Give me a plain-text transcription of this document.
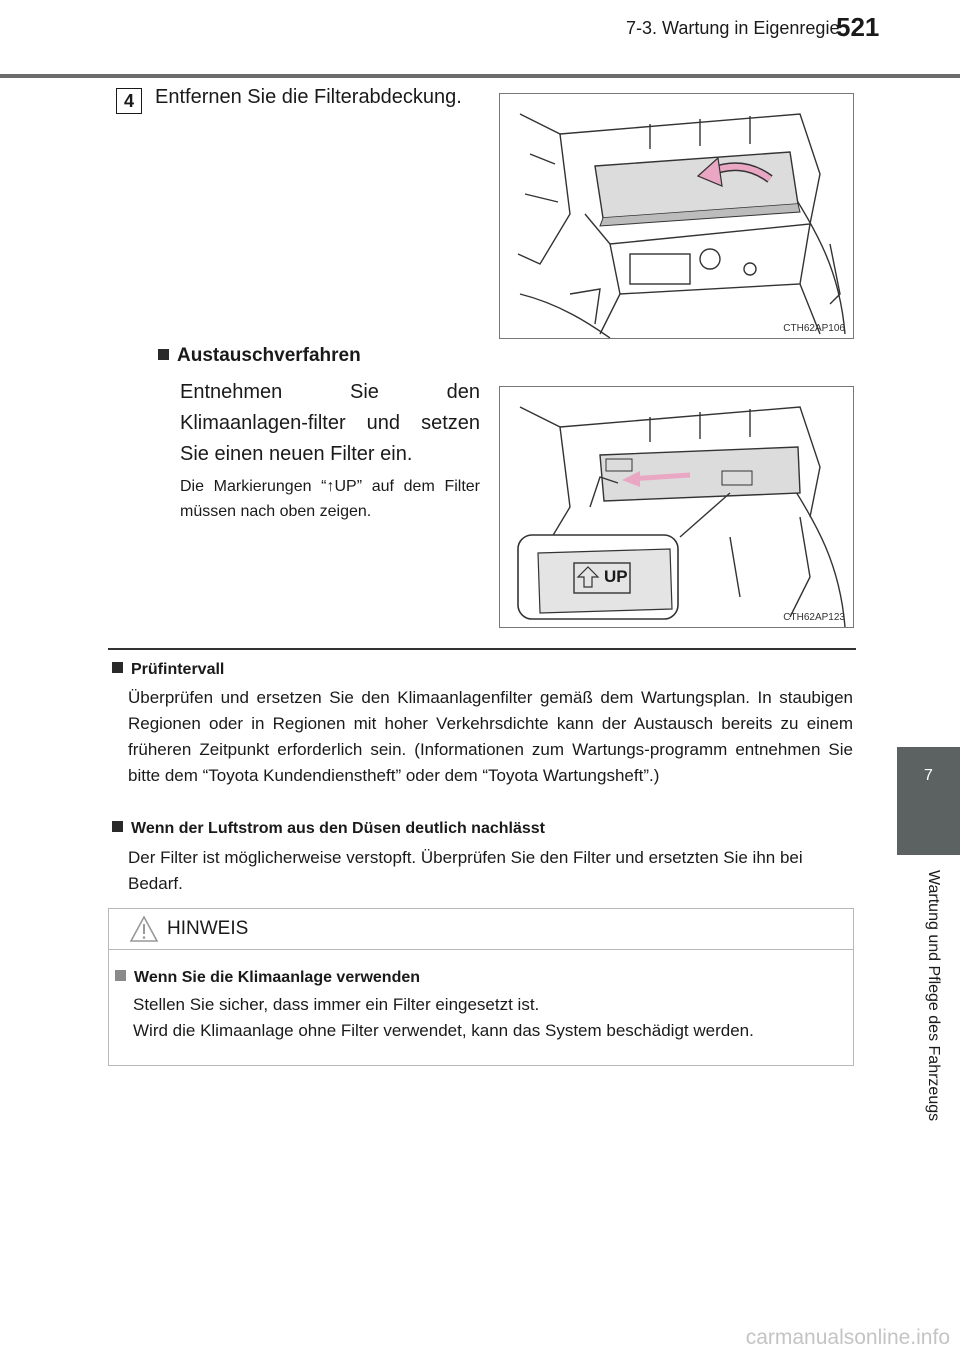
7-3. Wartung in Eigenregie
521
7
Wartung und Pflege des Fahrzeugs
4	Entfernen Sie die Filterabdeckung.
CTH62AP106
Austauschverfahren
Entnehmen Sie den Klimaanlagen-filter und setzen Sie einen neuen Filter ein.
Die Markierungen “↑UP” auf dem Filter müssen nach oben zeigen.
UP
CTH62AP123
Prüfintervall
Überprüfen und ersetzen Sie den Klimaanlagenfilter gemäß dem Wartungsplan. In staubigen Regionen oder in Regionen mit hoher Verkehrsdichte kann der Austausch bereits zu einem früheren Zeitpunkt erforderlich sein. (Informationen zum Wartungs-programm entnehmen Sie bitte dem “Toyota Kundendienstheft” oder dem “Toyota Wartungsheft”.)
Wenn der Luftstrom aus den Düsen deutlich nachlässt
Der Filter ist möglicherweise verstopft. Überprüfen Sie den Filter und ersetzten Sie ihn bei Bedarf.
HINWEIS
Wenn Sie die Klimaanlage verwenden
Stellen Sie sicher, dass immer ein Filter eingesetzt ist.
Wird die Klimaanlage ohne Filter verwendet, kann das System beschädigt werden.
carmanualsonline.info
